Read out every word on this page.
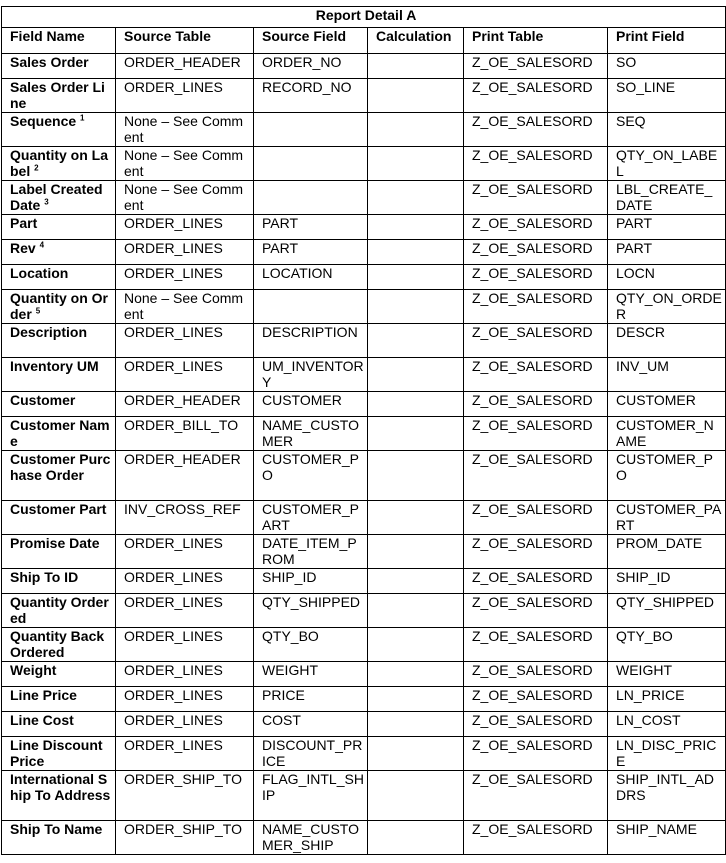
Report Detail A					
Field Name	Source Table	Source Field	Calculation	Print Table	Print Field
Sales Order	ORDER_HEADER	ORDER_NO		Z_OE_SALESORD	SO
Sales Order Line	ORDER_LINES	RECORD_NO		Z_OE_SALESORD	SO_LINE
Sequence $^1$	None – See Comment			Z_OE_SALESORD	SEQ
Quantity on Label $^2$	None – See Comment			Z_OE_SALESORD	QTY_ON_LABEL
Label Created Date $^3$	None – See Comment			Z_OE_SALESORD	LBL_CREATE_DATE
Part	ORDER_LINES	PART		Z_OE_SALESORD	PART
Rev $^4$	ORDER_LINES	PART		Z_OE_SALESORD	PART
Location	ORDER_LINES	LOCATION		Z_OE_SALESORD	LOCN
Quantity on Order $^5$	None – See Comment			Z_OE_SALESORD	QTY_ON_ORDER
Description	ORDER_LINES	DESCRIPTION		Z_OE_SALESORD	DESCR
Inventory UM	ORDER_LINES	UM_INVENTORY		Z_OE_SALESORD	INV_UM
Customer	ORDER_HEADER	CUSTOMER		Z_OE_SALESORD	CUSTOMER
Customer Name	ORDER_BILL_TO	NAME_CUSTOMER		Z_OE_SALESORD	CUSTOMER_NAME
Customer Purchase Order	ORDER_HEADER	CUSTOMER_PO		Z_OE_SALESORD	CUSTOMER_PO
Customer Part	INV_CROSS_REF	CUSTOMER_PART		Z_OE_SALESORD	CUSTOMER_PART
Promise Date	ORDER_LINES	DATE_ITEM_PROM		Z_OE_SALESORD	PROM_DATE
Ship To ID	ORDER_LINES	SHIP_ID		Z_OE_SALESORD	SHIP_ID
Quantity Ordered	ORDER_LINES	QTY_SHIPPED		Z_OE_SALESORD	QTY_SHIPPED
Quantity Back Ordered	ORDER_LINES	QTY_BO		Z_OE_SALESORD	QTY_BO
Weight	ORDER_LINES	WEIGHT		Z_OE_SALESORD	WEIGHT
Line Price	ORDER_LINES	PRICE		Z_OE_SALESORD	LN_PRICE
Line Cost	ORDER_LINES	COST		Z_OE_SALESORD	LN_COST
Line Discount Price	ORDER_LINES	DISCOUNT_PRICE		Z_OE_SALESORD	LN_DISC_PRICE
International Ship To Address	ORDER_SHIP_TO	FLAG_INTL_SHIP		Z_OE_SALESORD	SHIP_INTL_ADDRS
Ship To Name	ORDER_SHIP_TO	NAME_CUSTOMER_SHIP		Z_OE_SALESORD	SHIP_NAME
